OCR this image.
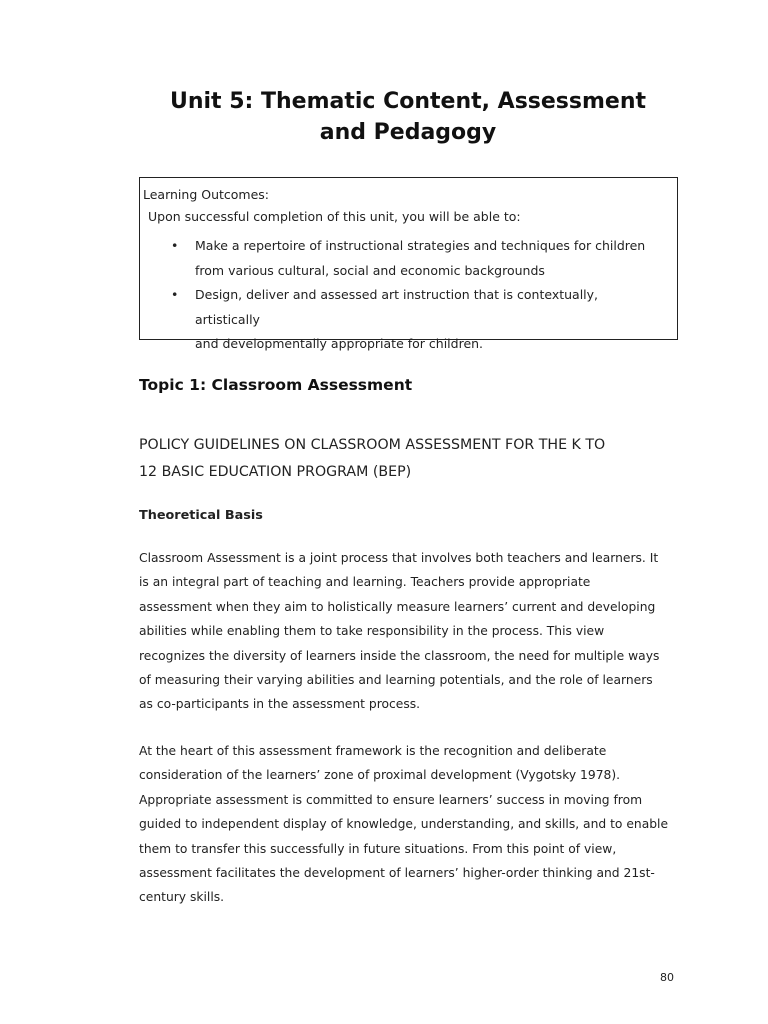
Unit 5: Thematic Content, Assessment
and Pedagogy
Learning Outcomes:
Upon successful completion of this unit, you will be able to:
• Make a repertoire of instructional strategies and techniques for children
from various cultural, social and economic backgrounds
• Design, deliver and assessed art instruction that is contextually, artistically
and developmentally appropriate for children.
Topic 1: Classroom Assessment
POLICY GUIDELINES ON CLASSROOM ASSESSMENT FOR THE K TO
12 BASIC EDUCATION PROGRAM (BEP)
Theoretical Basis
Classroom Assessment is a joint process that involves both teachers and learners. It
is an integral part of teaching and learning. Teachers provide appropriate
assessment when they aim to holistically measure learners’ current and developing
abilities while enabling them to take responsibility in the process. This view
recognizes the diversity of learners inside the classroom, the need for multiple ways
of measuring their varying abilities and learning potentials, and the role of learners
as co-participants in the assessment process.
At the heart of this assessment framework is the recognition and deliberate
consideration of the learners’ zone of proximal development (Vygotsky 1978).
Appropriate assessment is committed to ensure learners’ success in moving from
guided to independent display of knowledge, understanding, and skills, and to enable
them to transfer this successfully in future situations. From this point of view,
assessment facilitates the development of learners’ higher-order thinking and 21st-
century skills.
80
